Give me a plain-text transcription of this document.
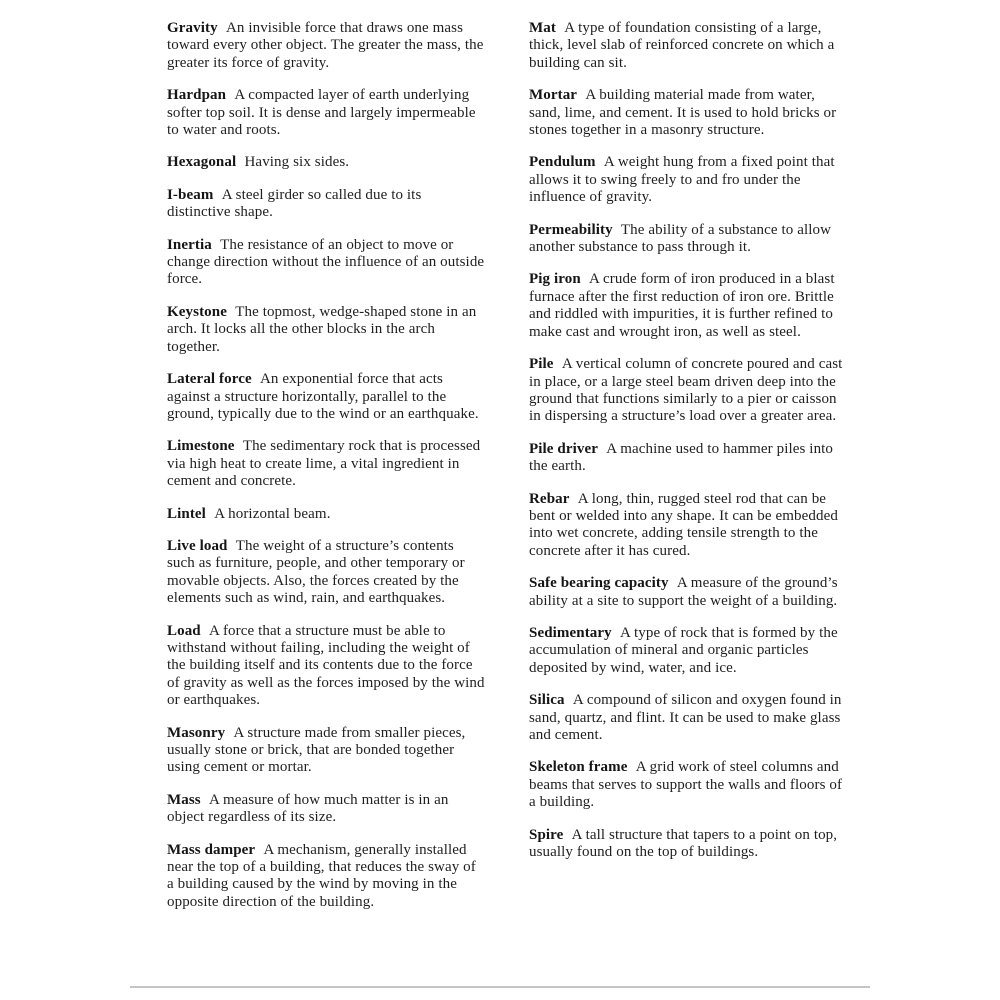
Gravity An invisible force that draws one mass toward every other object. The greater the mass, the greater its force of gravity.

Hardpan A compacted layer of earth underlying softer top soil. It is dense and largely impermeable to water and roots.

Hexagonal Having six sides.

I-beam A steel girder so called due to its distinctive shape.

Inertia The resistance of an object to move or change direction without the influence of an outside force.

Keystone The topmost, wedge-shaped stone in an arch. It locks all the other blocks in the arch together.

Lateral force An exponential force that acts against a structure horizontally, parallel to the ground, typically due to the wind or an earthquake.

Limestone The sedimentary rock that is processed via high heat to create lime, a vital ingredient in cement and concrete.

Lintel A horizontal beam.

Live load The weight of a structure’s contents such as furniture, people, and other temporary or movable objects. Also, the forces created by the elements such as wind, rain, and earthquakes.

Load A force that a structure must be able to withstand without failing, including the weight of the building itself and its contents due to the force of gravity as well as the forces imposed by the wind or earthquakes.

Masonry A structure made from smaller pieces, usually stone or brick, that are bonded together using cement or mortar.

Mass A measure of how much matter is in an object regardless of its size.

Mass damper A mechanism, generally installed near the top of a building, that reduces the sway of a building caused by the wind by moving in the opposite direction of the building.

Mat A type of foundation consisting of a large, thick, level slab of reinforced concrete on which a building can sit.

Mortar A building material made from water, sand, lime, and cement. It is used to hold bricks or stones together in a masonry structure.

Pendulum A weight hung from a fixed point that allows it to swing freely to and fro under the influence of gravity.

Permeability The ability of a substance to allow another substance to pass through it.

Pig iron A crude form of iron produced in a blast furnace after the first reduction of iron ore. Brittle and riddled with impurities, it is further refined to make cast and wrought iron, as well as steel.

Pile A vertical column of concrete poured and cast in place, or a large steel beam driven deep into the ground that functions similarly to a pier or caisson in dispersing a structure’s load over a greater area.

Pile driver A machine used to hammer piles into the earth.

Rebar A long, thin, rugged steel rod that can be bent or welded into any shape. It can be embedded into wet concrete, adding tensile strength to the concrete after it has cured.

Safe bearing capacity A measure of the ground’s ability at a site to support the weight of a building.

Sedimentary A type of rock that is formed by the accumulation of mineral and organic particles deposited by wind, water, and ice.

Silica A compound of silicon and oxygen found in sand, quartz, and flint. It can be used to make glass and cement.

Skeleton frame A grid work of steel columns and beams that serves to support the walls and floors of a building.

Spire A tall structure that tapers to a point on top, usually found on the top of buildings.
